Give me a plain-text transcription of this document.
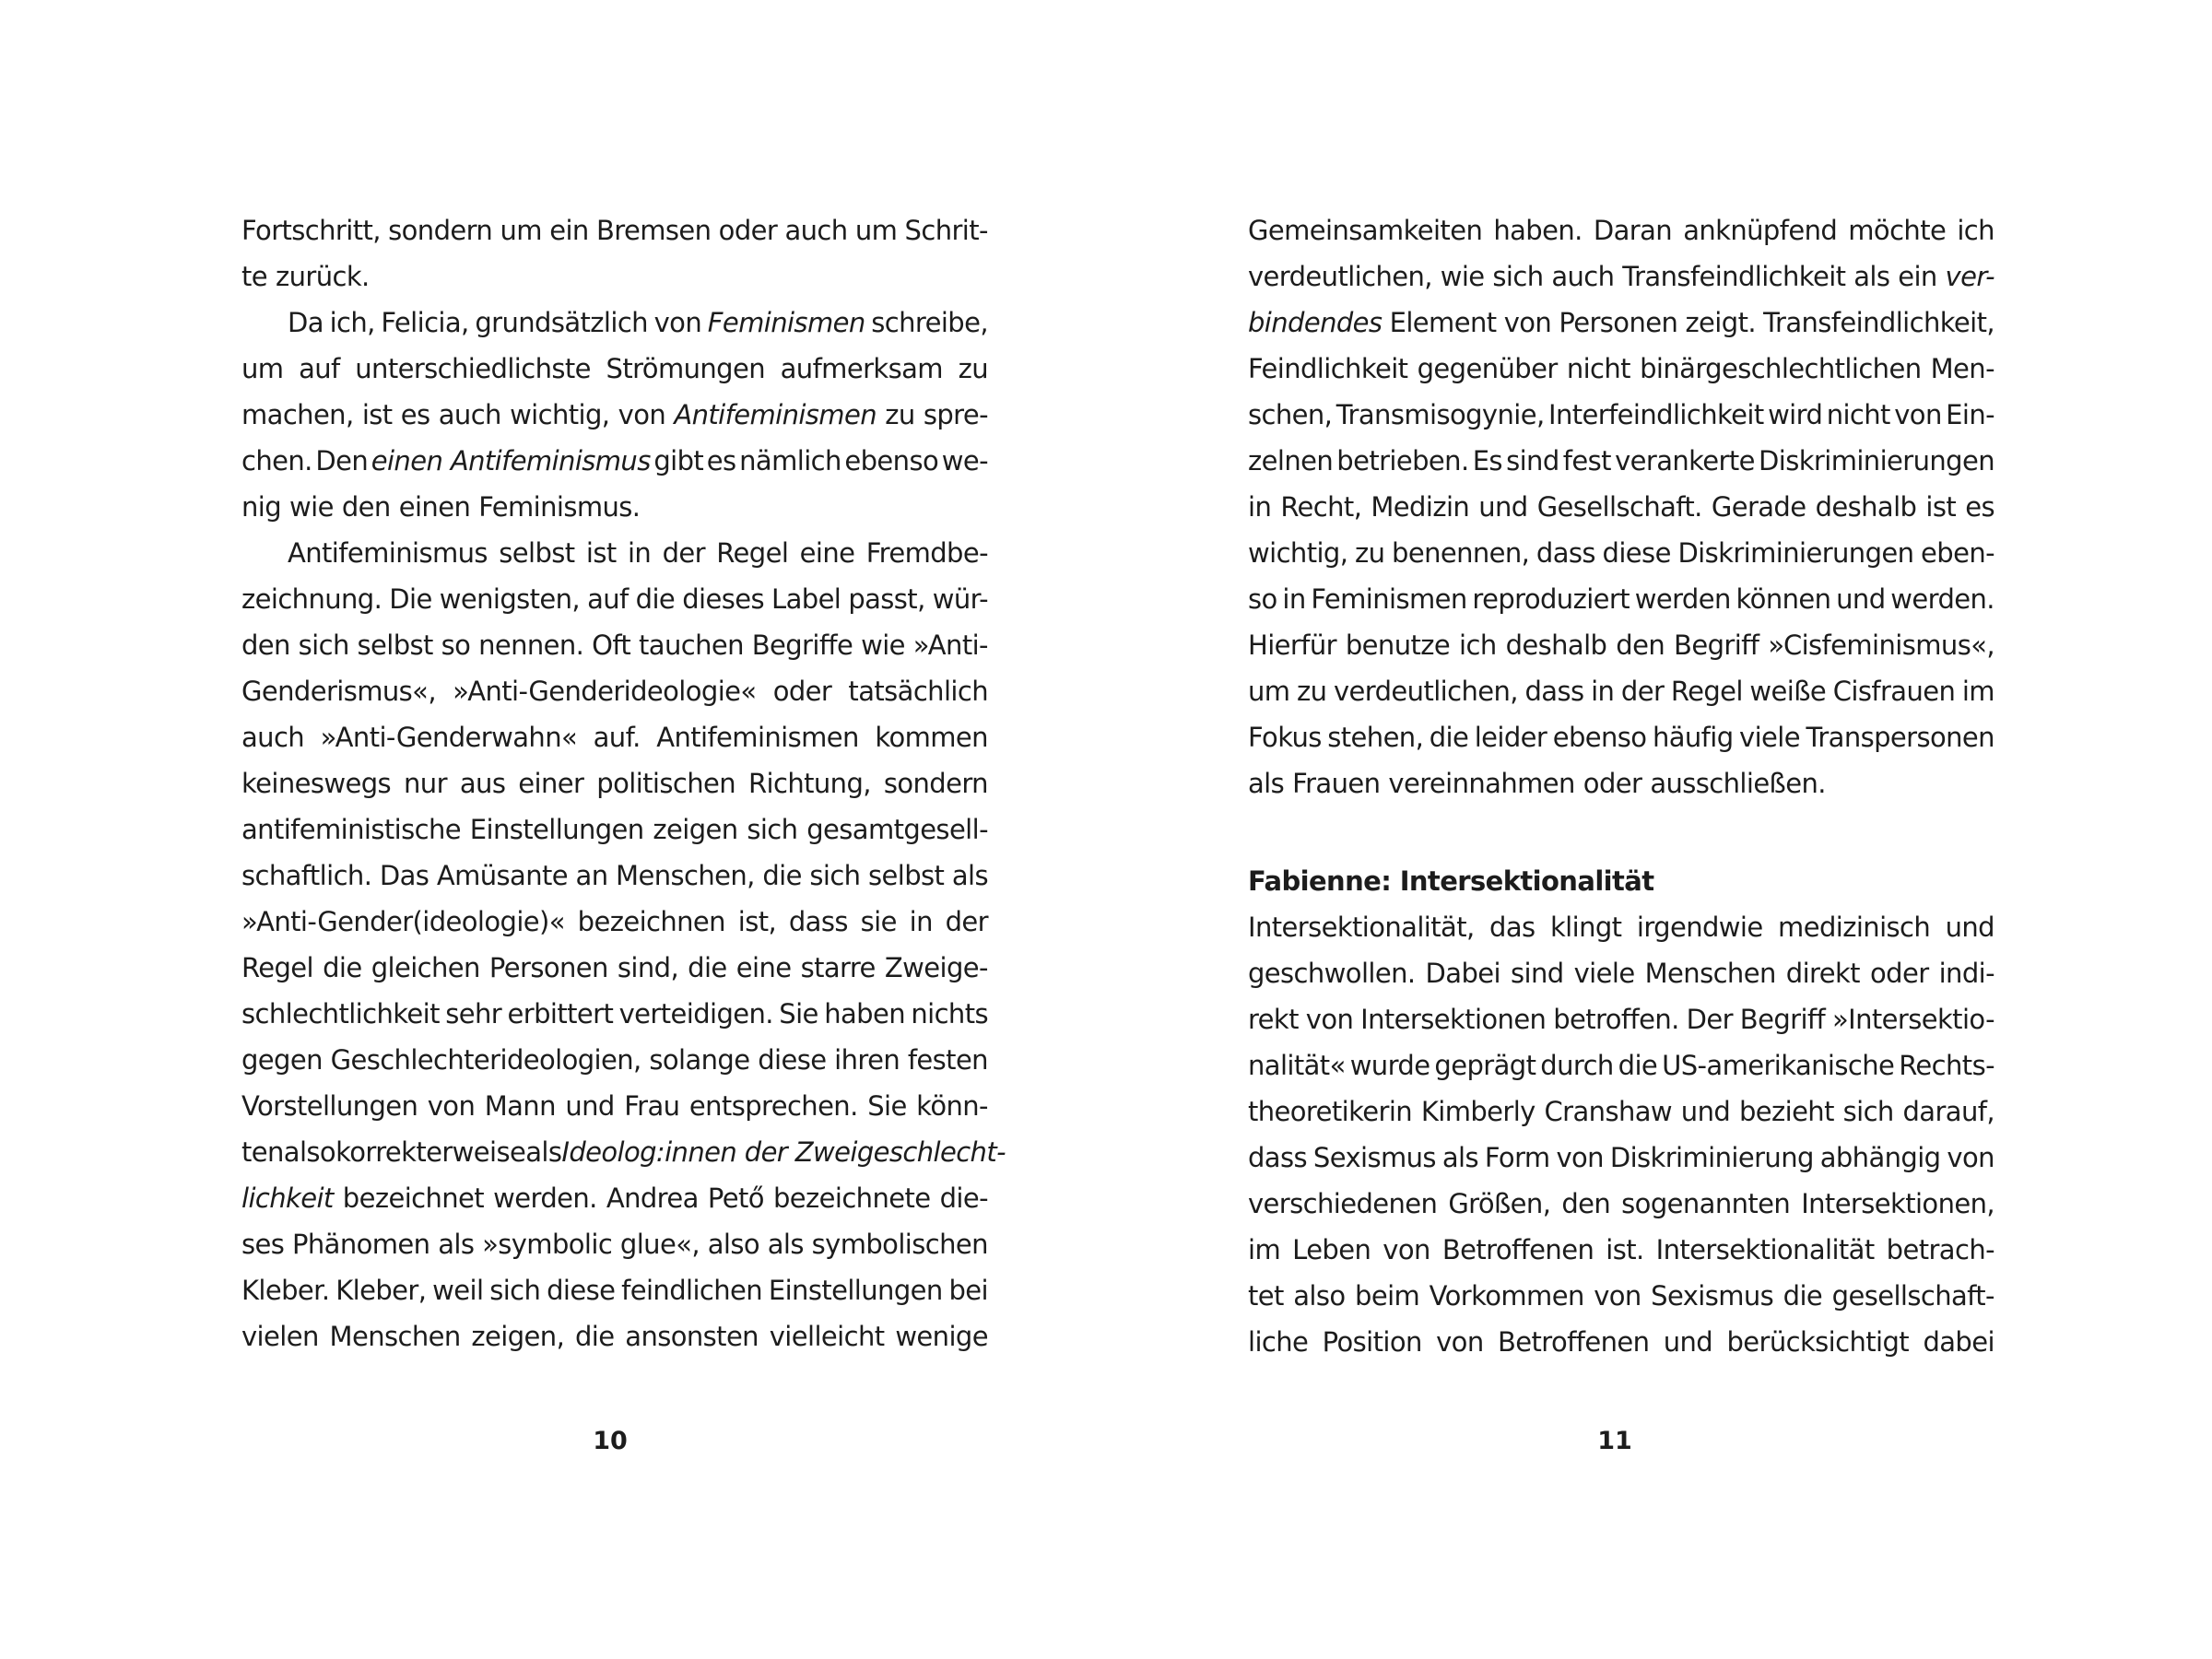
Fortschritt, sondern um ein Bremsen oder auch um Schrit-
te zurück.
Da ich, Felicia, grundsätzlich von Feminismen schreibe,
um auf unterschiedlichste Strömungen aufmerksam zu
machen, ist es auch wichtig, von Antifeminismen zu spre-
chen. Den einen Antifeminismus gibt es nämlich ebenso we-
nig wie den einen Feminismus.
Antifeminismus selbst ist in der Regel eine Fremdbe-
zeichnung. Die wenigsten, auf die dieses Label passt, wür-
den sich selbst so nennen. Oft tauchen Begriffe wie »Anti-
Genderismus«, »Anti-Genderideologie« oder tatsächlich
auch »Anti-Genderwahn« auf. Antifeminismen kommen
keineswegs nur aus einer politischen Richtung, sondern
antifeministische Einstellungen zeigen sich gesamtgesell-
schaftlich. Das Amüsante an Menschen, die sich selbst als
»Anti-Gender(ideologie)« bezeichnen ist, dass sie in der
Regel die gleichen Personen sind, die eine starre Zweige-
schlechtlichkeit sehr erbittert verteidigen. Sie haben nichts
gegen Geschlechterideologien, solange diese ihren festen
Vorstellungen von Mann und Frau entsprechen. Sie könn-
ten also korrekterweise als Ideolog:innen der Zweigeschlecht-
lichkeit bezeichnet werden. Andrea Pető bezeichnete die-
ses Phänomen als »symbolic glue«, also als symbolischen
Kleber. Kleber, weil sich diese feindlichen Einstellungen bei
vielen Menschen zeigen, die ansonsten vielleicht wenige
10
Gemeinsamkeiten haben. Daran anknüpfend möchte ich
verdeutlichen, wie sich auch Transfeindlichkeit als ein ver-
bindendes Element von Personen zeigt. Transfeindlichkeit,
Feindlichkeit gegenüber nicht binärgeschlechtlichen Men-
schen, Transmisogynie, Interfeindlichkeit wird nicht von Ein-
zelnen betrieben. Es sind fest verankerte Diskriminierungen
in Recht, Medizin und Gesellschaft. Gerade deshalb ist es
wichtig, zu benennen, dass diese Diskriminierungen eben-
so in Feminismen reproduziert werden können und werden.
Hierfür benutze ich deshalb den Begriff »Cisfeminismus«,
um zu verdeutlichen, dass in der Regel weiße Cisfrauen im
Fokus stehen, die leider ebenso häufig viele Transpersonen
als Frauen vereinnahmen oder ausschließen.
Fabienne: Intersektionalität
Intersektionalität, das klingt irgendwie medizinisch und
geschwollen. Dabei sind viele Menschen direkt oder indi-
rekt von Intersektionen betroffen. Der Begriff »Intersektio-
nalität« wurde geprägt durch die US-amerikanische Rechts-
theoretikerin Kimberly Cranshaw und bezieht sich darauf,
dass Sexismus als Form von Diskriminierung abhängig von
verschiedenen Größen, den sogenannten Intersektionen,
im Leben von Betroffenen ist. Intersektionalität betrach-
tet also beim Vorkommen von Sexismus die gesellschaft-
liche Position von Betroffenen und berücksichtigt dabei
11
